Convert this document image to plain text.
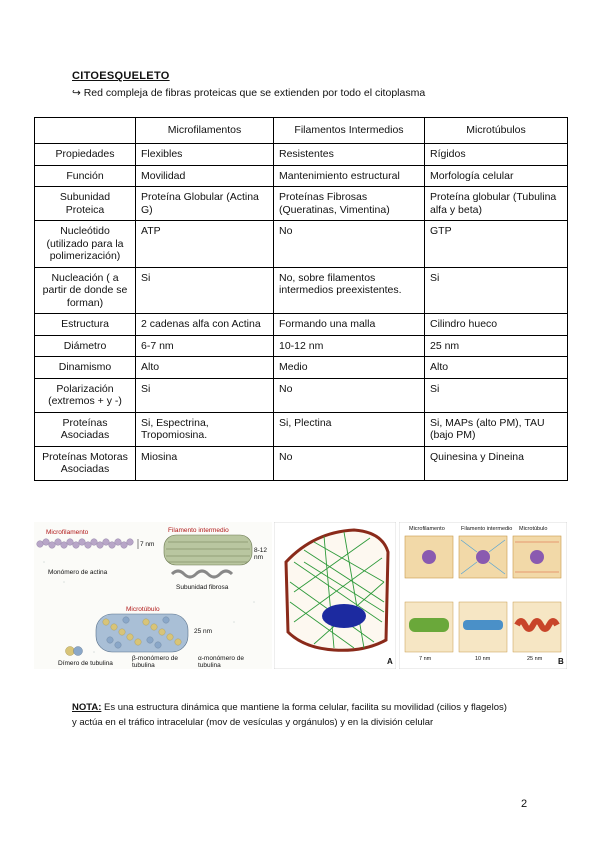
CITOESQUELETO
↪ Red compleja de fibras proteicas que se extienden por todo el citoplasma
	Microfilamentos	Filamentos Intermedios	Microtúbulos
Propiedades	Flexibles	Resistentes	Rígidos
Función	Movilidad	Mantenimiento estructural	Morfología celular
Subunidad Proteica	Proteína Globular (Actina G)	Proteínas Fibrosas (Queratinas, Vimentina)	Proteína globular (Tubulina alfa y beta)
Nucleótido (utilizado para la polimerización)	ATP	No	GTP
Nucleación ( a partir de donde se forman)	Si	No, sobre filamentos intermedios preexistentes.	Si
Estructura	2 cadenas alfa con Actina	Formando una malla	Cilindro hueco
Diámetro	6-7 nm	10-12 nm	25 nm
Dinamismo	Alto	Medio	Alto
Polarización (extremos + y -)	Si	No	Si
Proteínas Asociadas	Si, Espectrina, Tropomiosina.	Si, Plectina	Si, MAPs (alto PM), TAU (bajo PM)
Proteínas Motoras Asociadas	Miosina	No	Quinesina y Dineina
Microfilamento
Monómero de actina
7 nm
Filamento intermedio
8-12 nm
Subunidad fibrosa
Microtúbulo
25 nm
Dímero de tubulina
β-monómero de tubulina
α-monómero de tubulina	A
Microfilamento	Filamento intermedio Microtúbulo
7 nm	10 nm	25 nm B
NOTA: Es una estructura dinámica que mantiene la forma celular, facilita su movilidad (cilios y flagelos) y actúa en el tráfico intracelular (mov de vesículas y orgánulos) y en la división celular
2
